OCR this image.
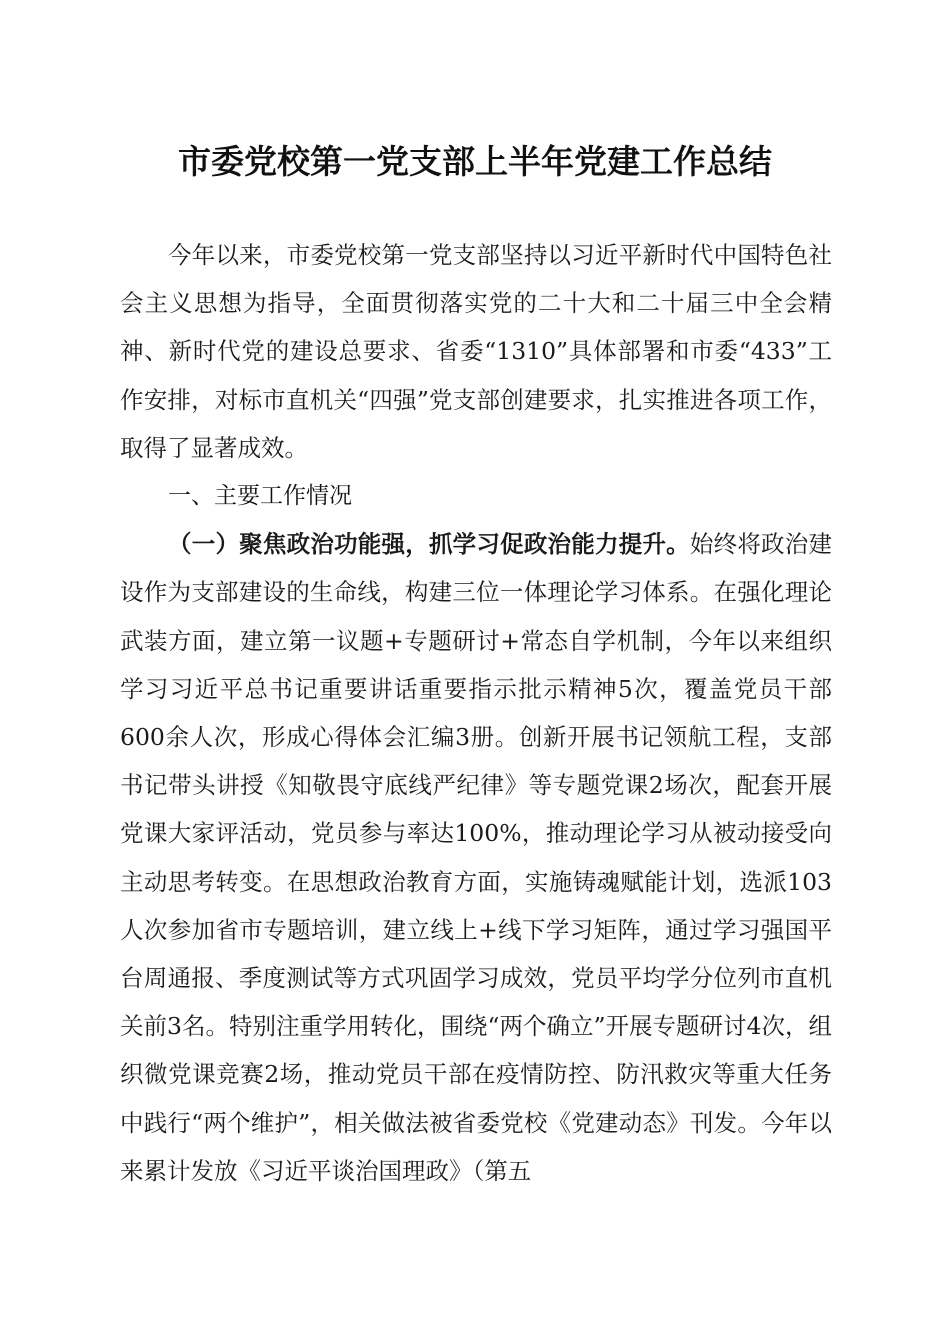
市委党校第一党支部上半年党建工作总结

今年以来，市委党校第一党支部坚持以习近平新时代中国特色社会主义思想为指导，全面贯彻落实党的二十大和二十届三中全会精神、新时代党的建设总要求、省委“1310”具体部署和市委“433”工作安排，对标市直机关“四强”党支部创建要求，扎实推进各项工作，取得了显著成效。

一、主要工作情况

（一）聚焦政治功能强，抓学习促政治能力提升。始终将政治建设作为支部建设的生命线，构建三位一体理论学习体系。在强化理论武装方面，建立第一议题+专题研讨+常态自学机制，今年以来组织学习习近平总书记重要讲话重要指示批示精神5次，覆盖党员干部600余人次，形成心得体会汇编3册。创新开展书记领航工程，支部书记带头讲授《知敬畏守底线严纪律》等专题党课2场次，配套开展党课大家评活动，党员参与率达100%，推动理论学习从被动接受向主动思考转变。在思想政治教育方面，实施铸魂赋能计划，选派103人次参加省市专题培训，建立线上+线下学习矩阵，通过学习强国平台周通报、季度测试等方式巩固学习成效，党员平均学分位列市直机关前3名。特别注重学用转化，围绕“两个确立”开展专题研讨4次，组织微党课竞赛2场，推动党员干部在疫情防控、防汛救灾等重大任务中践行“两个维护”，相关做法被省委党校《党建动态》刊发。今年以来累计发放《习近平谈治国理政》（第五
